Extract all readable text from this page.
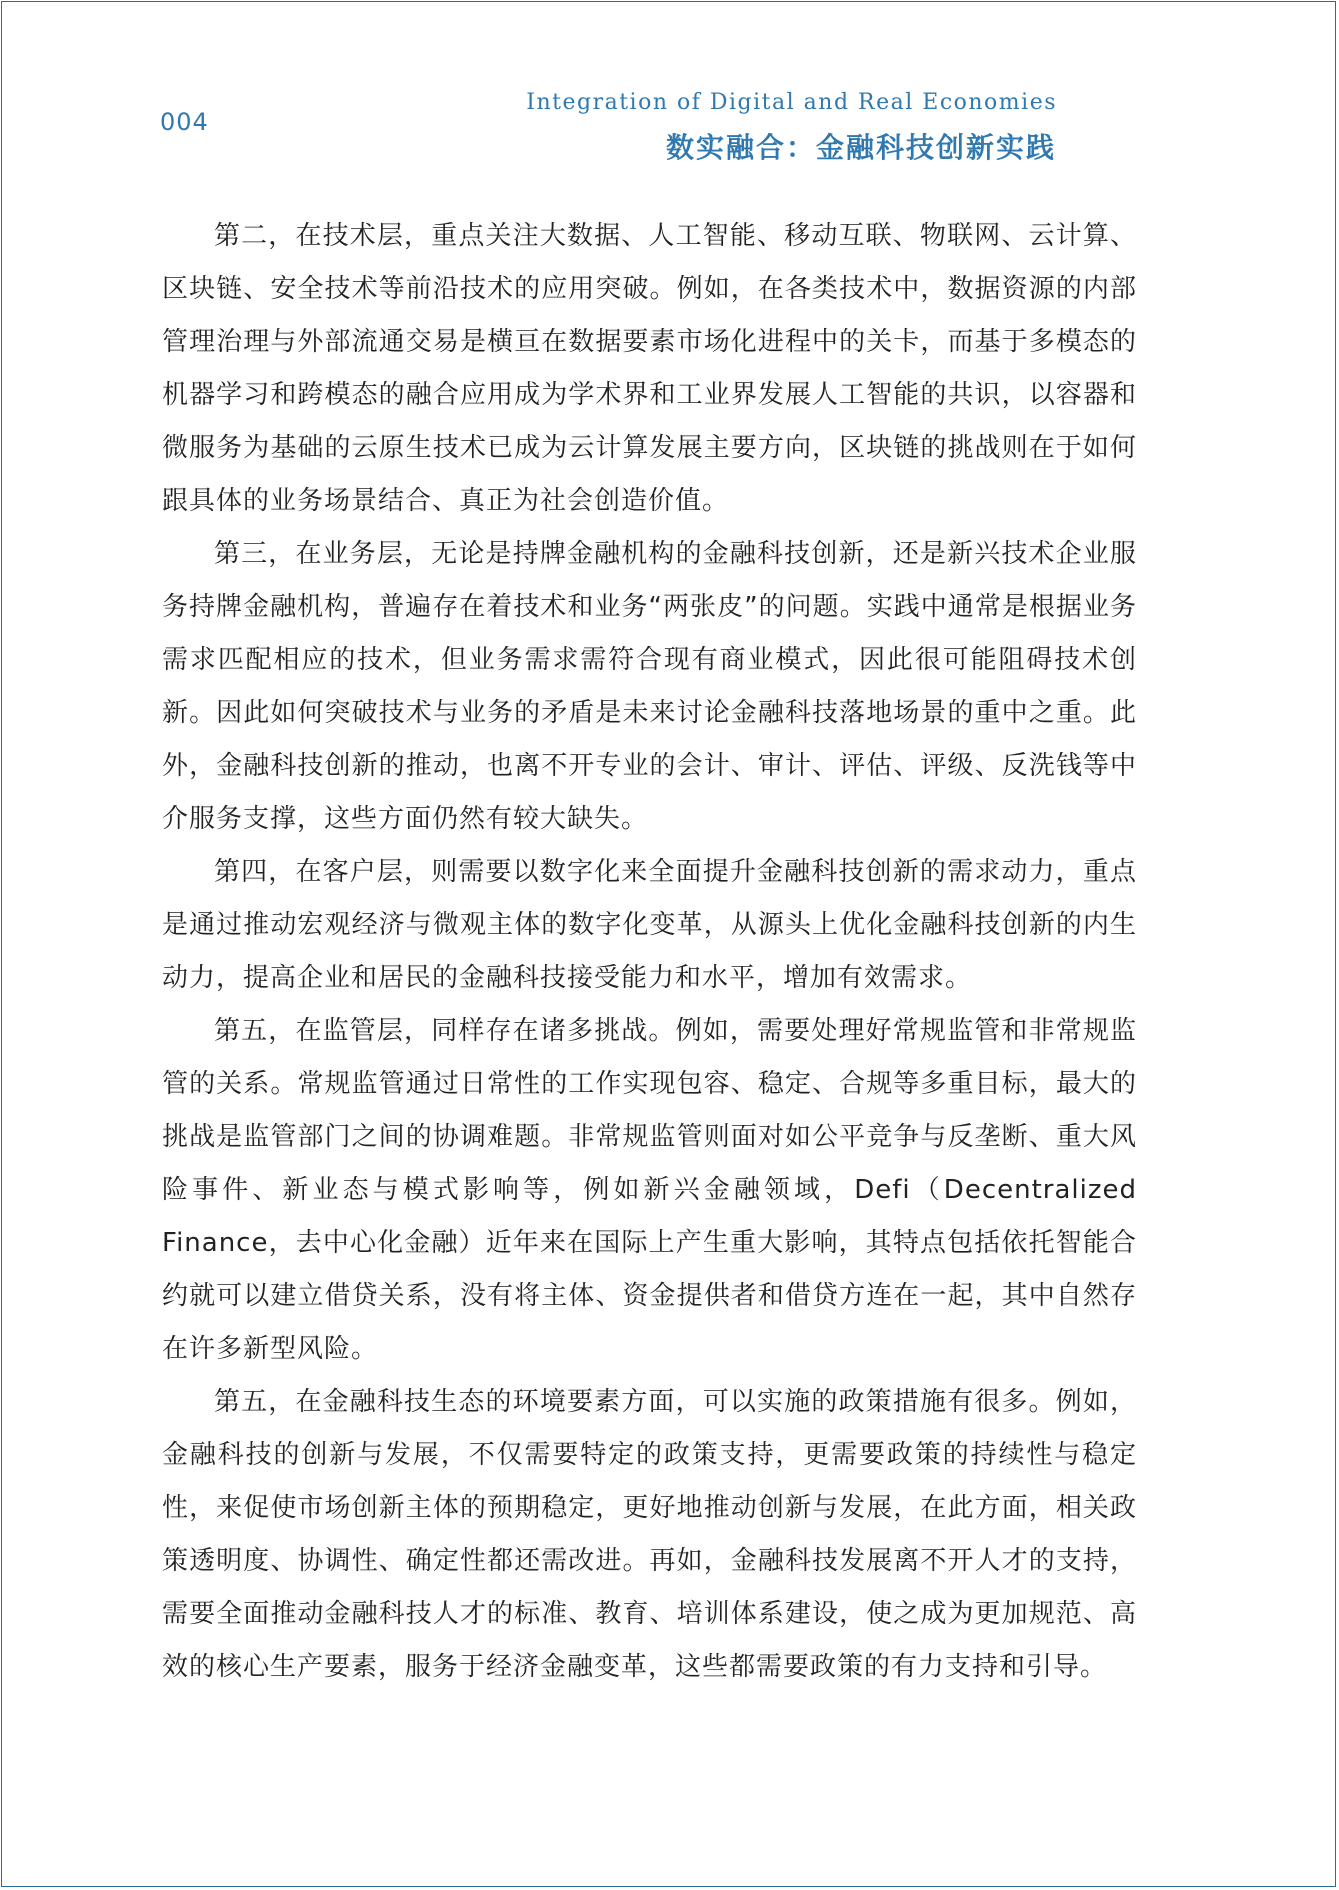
004
Integration of Digital and Real Economies
数实融合：金融科技创新实践

第二，在技术层，重点关注大数据、人工智能、移动互联、物联网、云计算、区块链、安全技术等前沿技术的应用突破。例如，在各类技术中，数据资源的内部管理治理与外部流通交易是横亘在数据要素市场化进程中的关卡，而基于多模态的机器学习和跨模态的融合应用成为学术界和工业界发展人工智能的共识，以容器和微服务为基础的云原生技术已成为云计算发展主要方向，区块链的挑战则在于如何跟具体的业务场景结合、真正为社会创造价值。

第三，在业务层，无论是持牌金融机构的金融科技创新，还是新兴技术企业服务持牌金融机构，普遍存在着技术和业务“两张皮”的问题。实践中通常是根据业务需求匹配相应的技术，但业务需求需符合现有商业模式，因此很可能阻碍技术创新。因此如何突破技术与业务的矛盾是未来讨论金融科技落地场景的重中之重。此外，金融科技创新的推动，也离不开专业的会计、审计、评估、评级、反洗钱等中介服务支撑，这些方面仍然有较大缺失。

第四，在客户层，则需要以数字化来全面提升金融科技创新的需求动力，重点是通过推动宏观经济与微观主体的数字化变革，从源头上优化金融科技创新的内生动力，提高企业和居民的金融科技接受能力和水平，增加有效需求。

第五，在监管层，同样存在诸多挑战。例如，需要处理好常规监管和非常规监管的关系。常规监管通过日常性的工作实现包容、稳定、合规等多重目标，最大的挑战是监管部门之间的协调难题。非常规监管则面对如公平竞争与反垄断、重大风险事件、新业态与模式影响等，例如新兴金融领域，Defi（Decentralized Finance，去中心化金融）近年来在国际上产生重大影响，其特点包括依托智能合约就可以建立借贷关系，没有将主体、资金提供者和借贷方连在一起，其中自然存在许多新型风险。

第五，在金融科技生态的环境要素方面，可以实施的政策措施有很多。例如，金融科技的创新与发展，不仅需要特定的政策支持，更需要政策的持续性与稳定性，来促使市场创新主体的预期稳定，更好地推动创新与发展，在此方面，相关政策透明度、协调性、确定性都还需改进。再如，金融科技发展离不开人才的支持，需要全面推动金融科技人才的标准、教育、培训体系建设，使之成为更加规范、高效的核心生产要素，服务于经济金融变革，这些都需要政策的有力支持和引导。
